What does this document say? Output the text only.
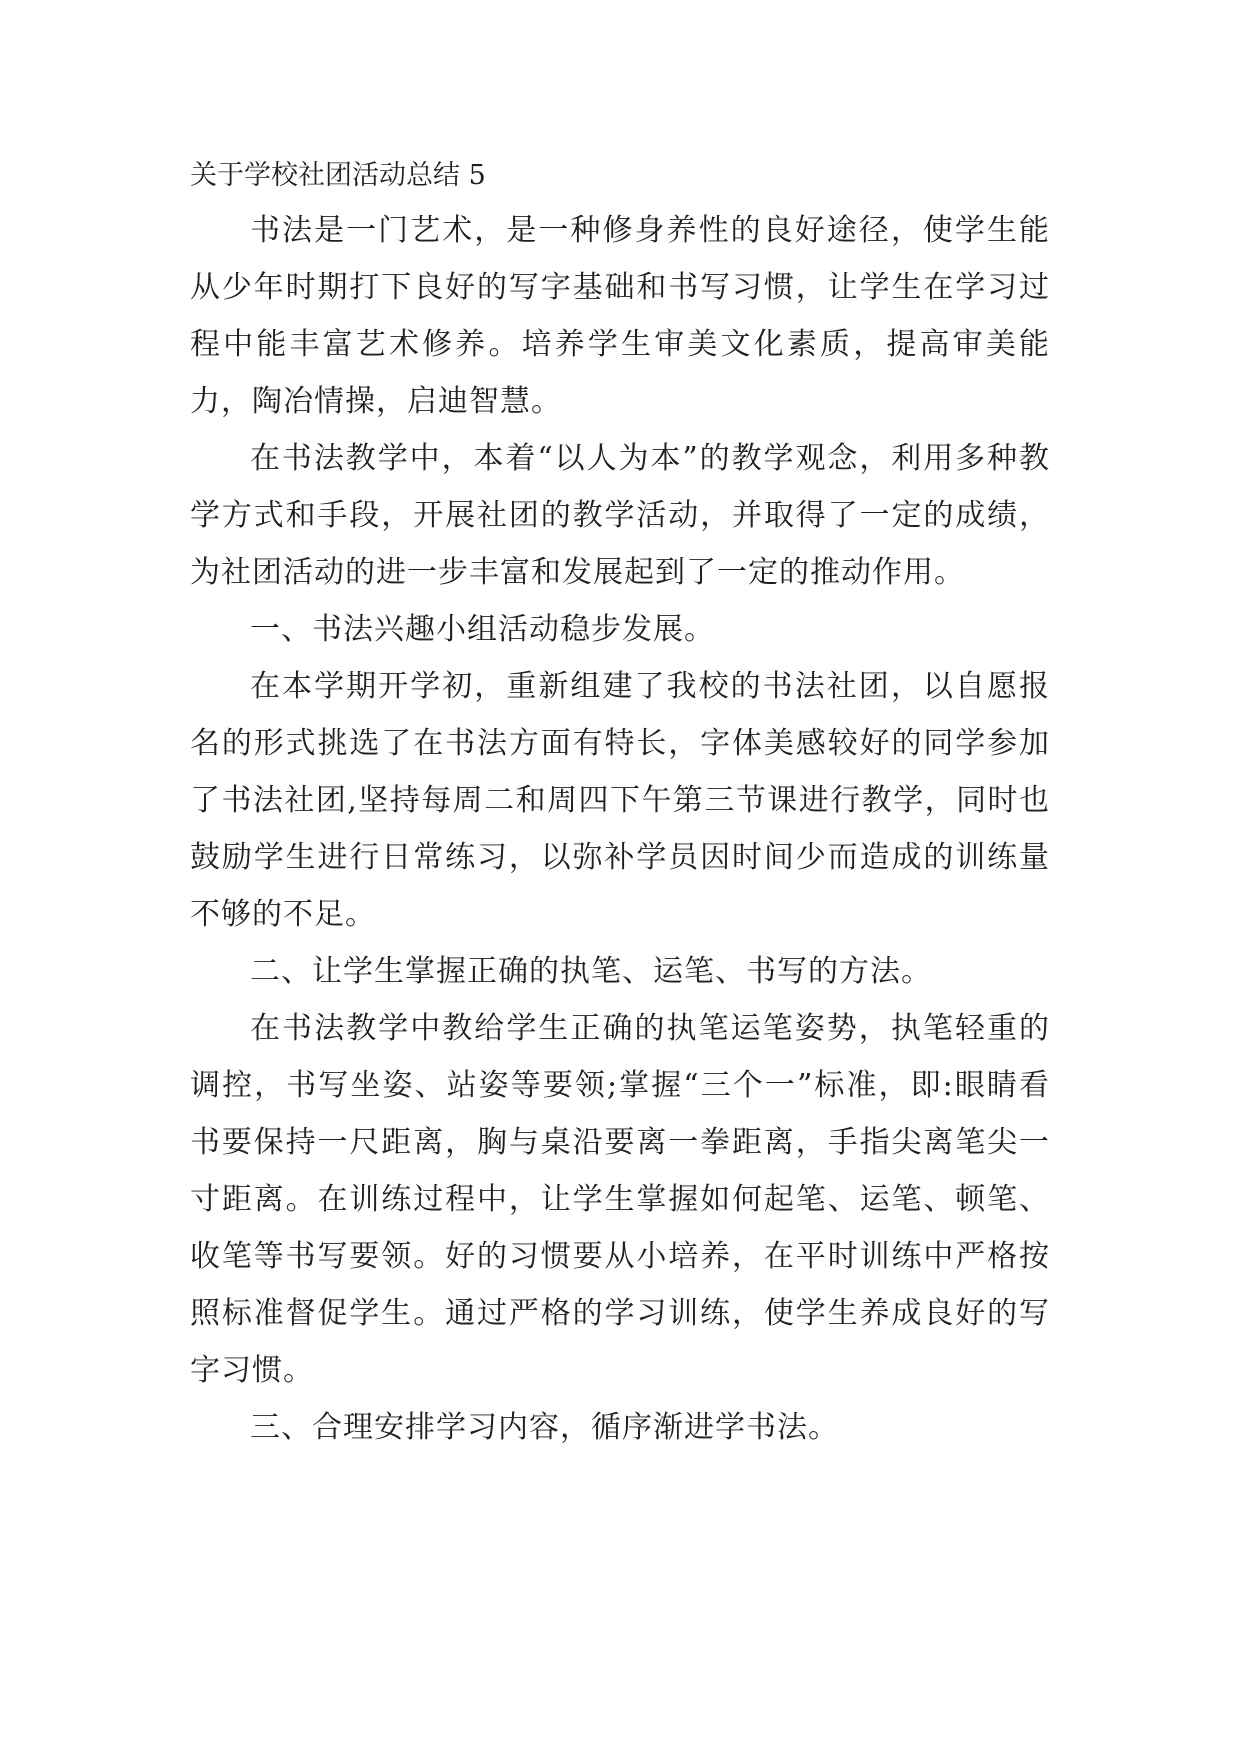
关于学校社团活动总结 5

书法是一门艺术，是一种修身养性的良好途径，使学生能从少年时期打下良好的写字基础和书写习惯，让学生在学习过程中能丰富艺术修养。培养学生审美文化素质，提高审美能力，陶冶情操，启迪智慧。

在书法教学中，本着“以人为本”的教学观念，利用多种教学方式和手段，开展社团的教学活动，并取得了一定的成绩，为社团活动的进一步丰富和发展起到了一定的推动作用。

一、书法兴趣小组活动稳步发展。

在本学期开学初，重新组建了我校的书法社团，以自愿报名的形式挑选了在书法方面有特长，字体美感较好的同学参加了书法社团,坚持每周二和周四下午第三节课进行教学，同时也鼓励学生进行日常练习，以弥补学员因时间少而造成的训练量不够的不足。

二、让学生掌握正确的执笔、运笔、书写的方法。

在书法教学中教给学生正确的执笔运笔姿势，执笔轻重的调控，书写坐姿、站姿等要领;掌握“三个一”标准，即:眼睛看书要保持一尺距离，胸与桌沿要离一拳距离，手指尖离笔尖一寸距离。在训练过程中，让学生掌握如何起笔、运笔、顿笔、收笔等书写要领。好的习惯要从小培养，在平时训练中严格按照标准督促学生。通过严格的学习训练，使学生养成良好的写字习惯。

三、合理安排学习内容，循序渐进学书法。
